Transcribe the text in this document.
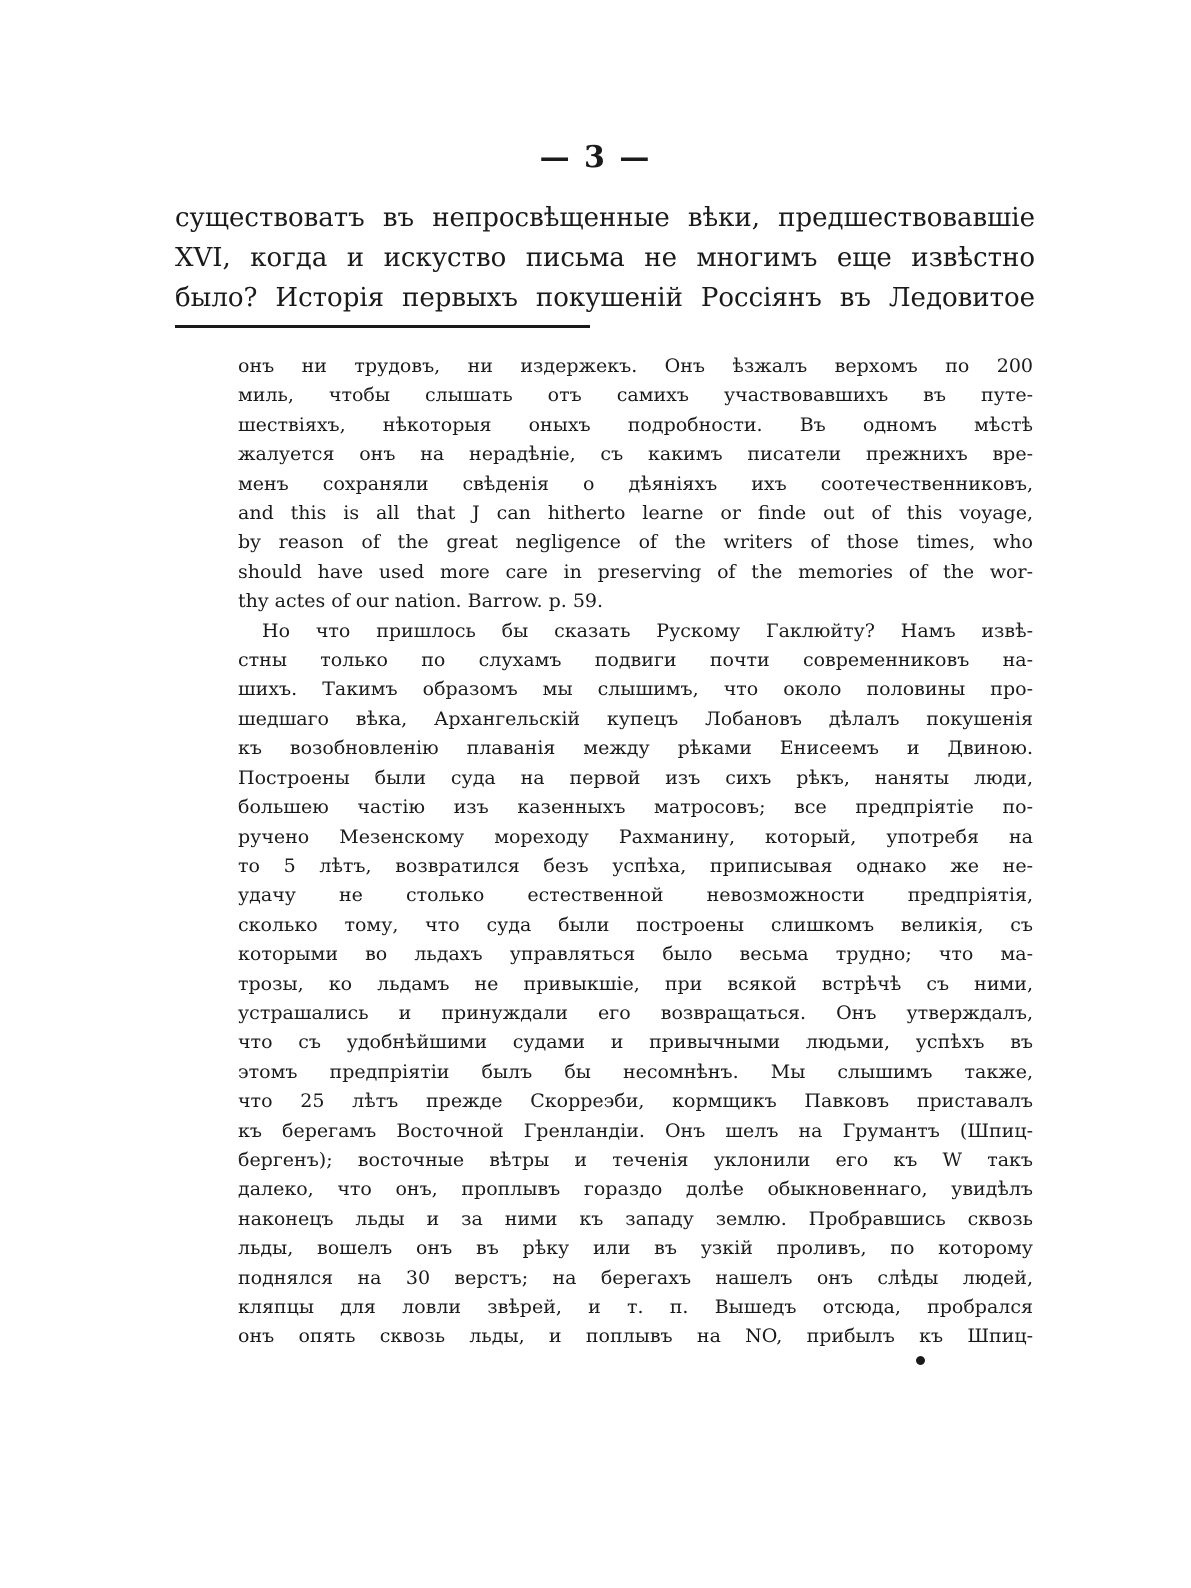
— 3 —
существоватъ въ непросвѣщенные вѣки, предшествовавшіе
XVI, когда и искуство письма не многимъ еще извѣстно
было? Исторія первыхъ покушеній Россіянъ въ Ледовитое
онъ ни трудовъ, ни издержекъ. Онъ ѣзжалъ верхомъ по 200
миль, чтобы слышать отъ самихъ участвовавшихъ въ путе-
шествіяхъ, нѣкоторыя оныхъ подробности. Въ одномъ мѣстѣ
жалуется онъ на нерадѣніе, съ какимъ писатели прежнихъ вре-
менъ сохраняли свѣденія о дѣяніяхъ ихъ соотечественниковъ,
and this is all that J can hitherto learne or finde out of this voyage,
by reason of the great negligence of the writers of those times, who
should have used more care in preserving of the memories of the wor-
thy actes of our nation. Barrow. p. 59.
Но что пришлось бы сказать Рускому Гаклюйту? Намъ извѣ-
стны только по слухамъ подвиги почти современниковъ на-
шихъ. Такимъ образомъ мы слышимъ, что около половины про-
шедшаго вѣка, Архангельскій купецъ Лобановъ дѣлалъ покушенія
къ возобновленію плаванія между рѣками Енисеемъ и Двиною.
Построены были суда на первой изъ сихъ рѣкъ, наняты люди,
большею частію изъ казенныхъ матросовъ; все предпріятіе по-
ручено Мезенскому мореходу Рахманину, который, употребя на
то 5 лѣтъ, возвратился безъ успѣха, приписывая однако же не-
удачу не столько естественной невозможности предпріятія,
сколько тому, что суда были построены слишкомъ великія, съ
которыми во льдахъ управляться было весьма трудно; что ма-
трозы, ко льдамъ не привыкшіе, при всякой встрѣчѣ съ ними,
устрашались и принуждали его возвращаться. Онъ утверждалъ,
что съ удобнѣйшими судами и привычными людьми, успѣхъ въ
этомъ предпріятіи былъ бы несомнѣнъ. Мы слышимъ также,
что 25 лѣтъ прежде Скорреэби, кормщикъ Павковъ приставалъ
къ берегамъ Восточной Гренландіи. Онъ шелъ на Грумантъ (Шпиц-
бергенъ); восточные вѣтры и теченія уклонили его къ W такъ
далеко, что онъ, проплывъ гораздо долѣе обыкновеннаго, увидѣлъ
наконецъ льды и за ними къ западу землю. Пробравшись сквозь
льды, вошелъ онъ въ рѣку или въ узкій проливъ, по которому
поднялся на 30 верстъ; на берегахъ нашелъ онъ слѣды людей,
кляпцы для ловли звѣрей, и т. п. Вышедъ отсюда, пробрался
онъ опять сквозь льды, и поплывъ на NO, прибылъ къ Шпиц-
